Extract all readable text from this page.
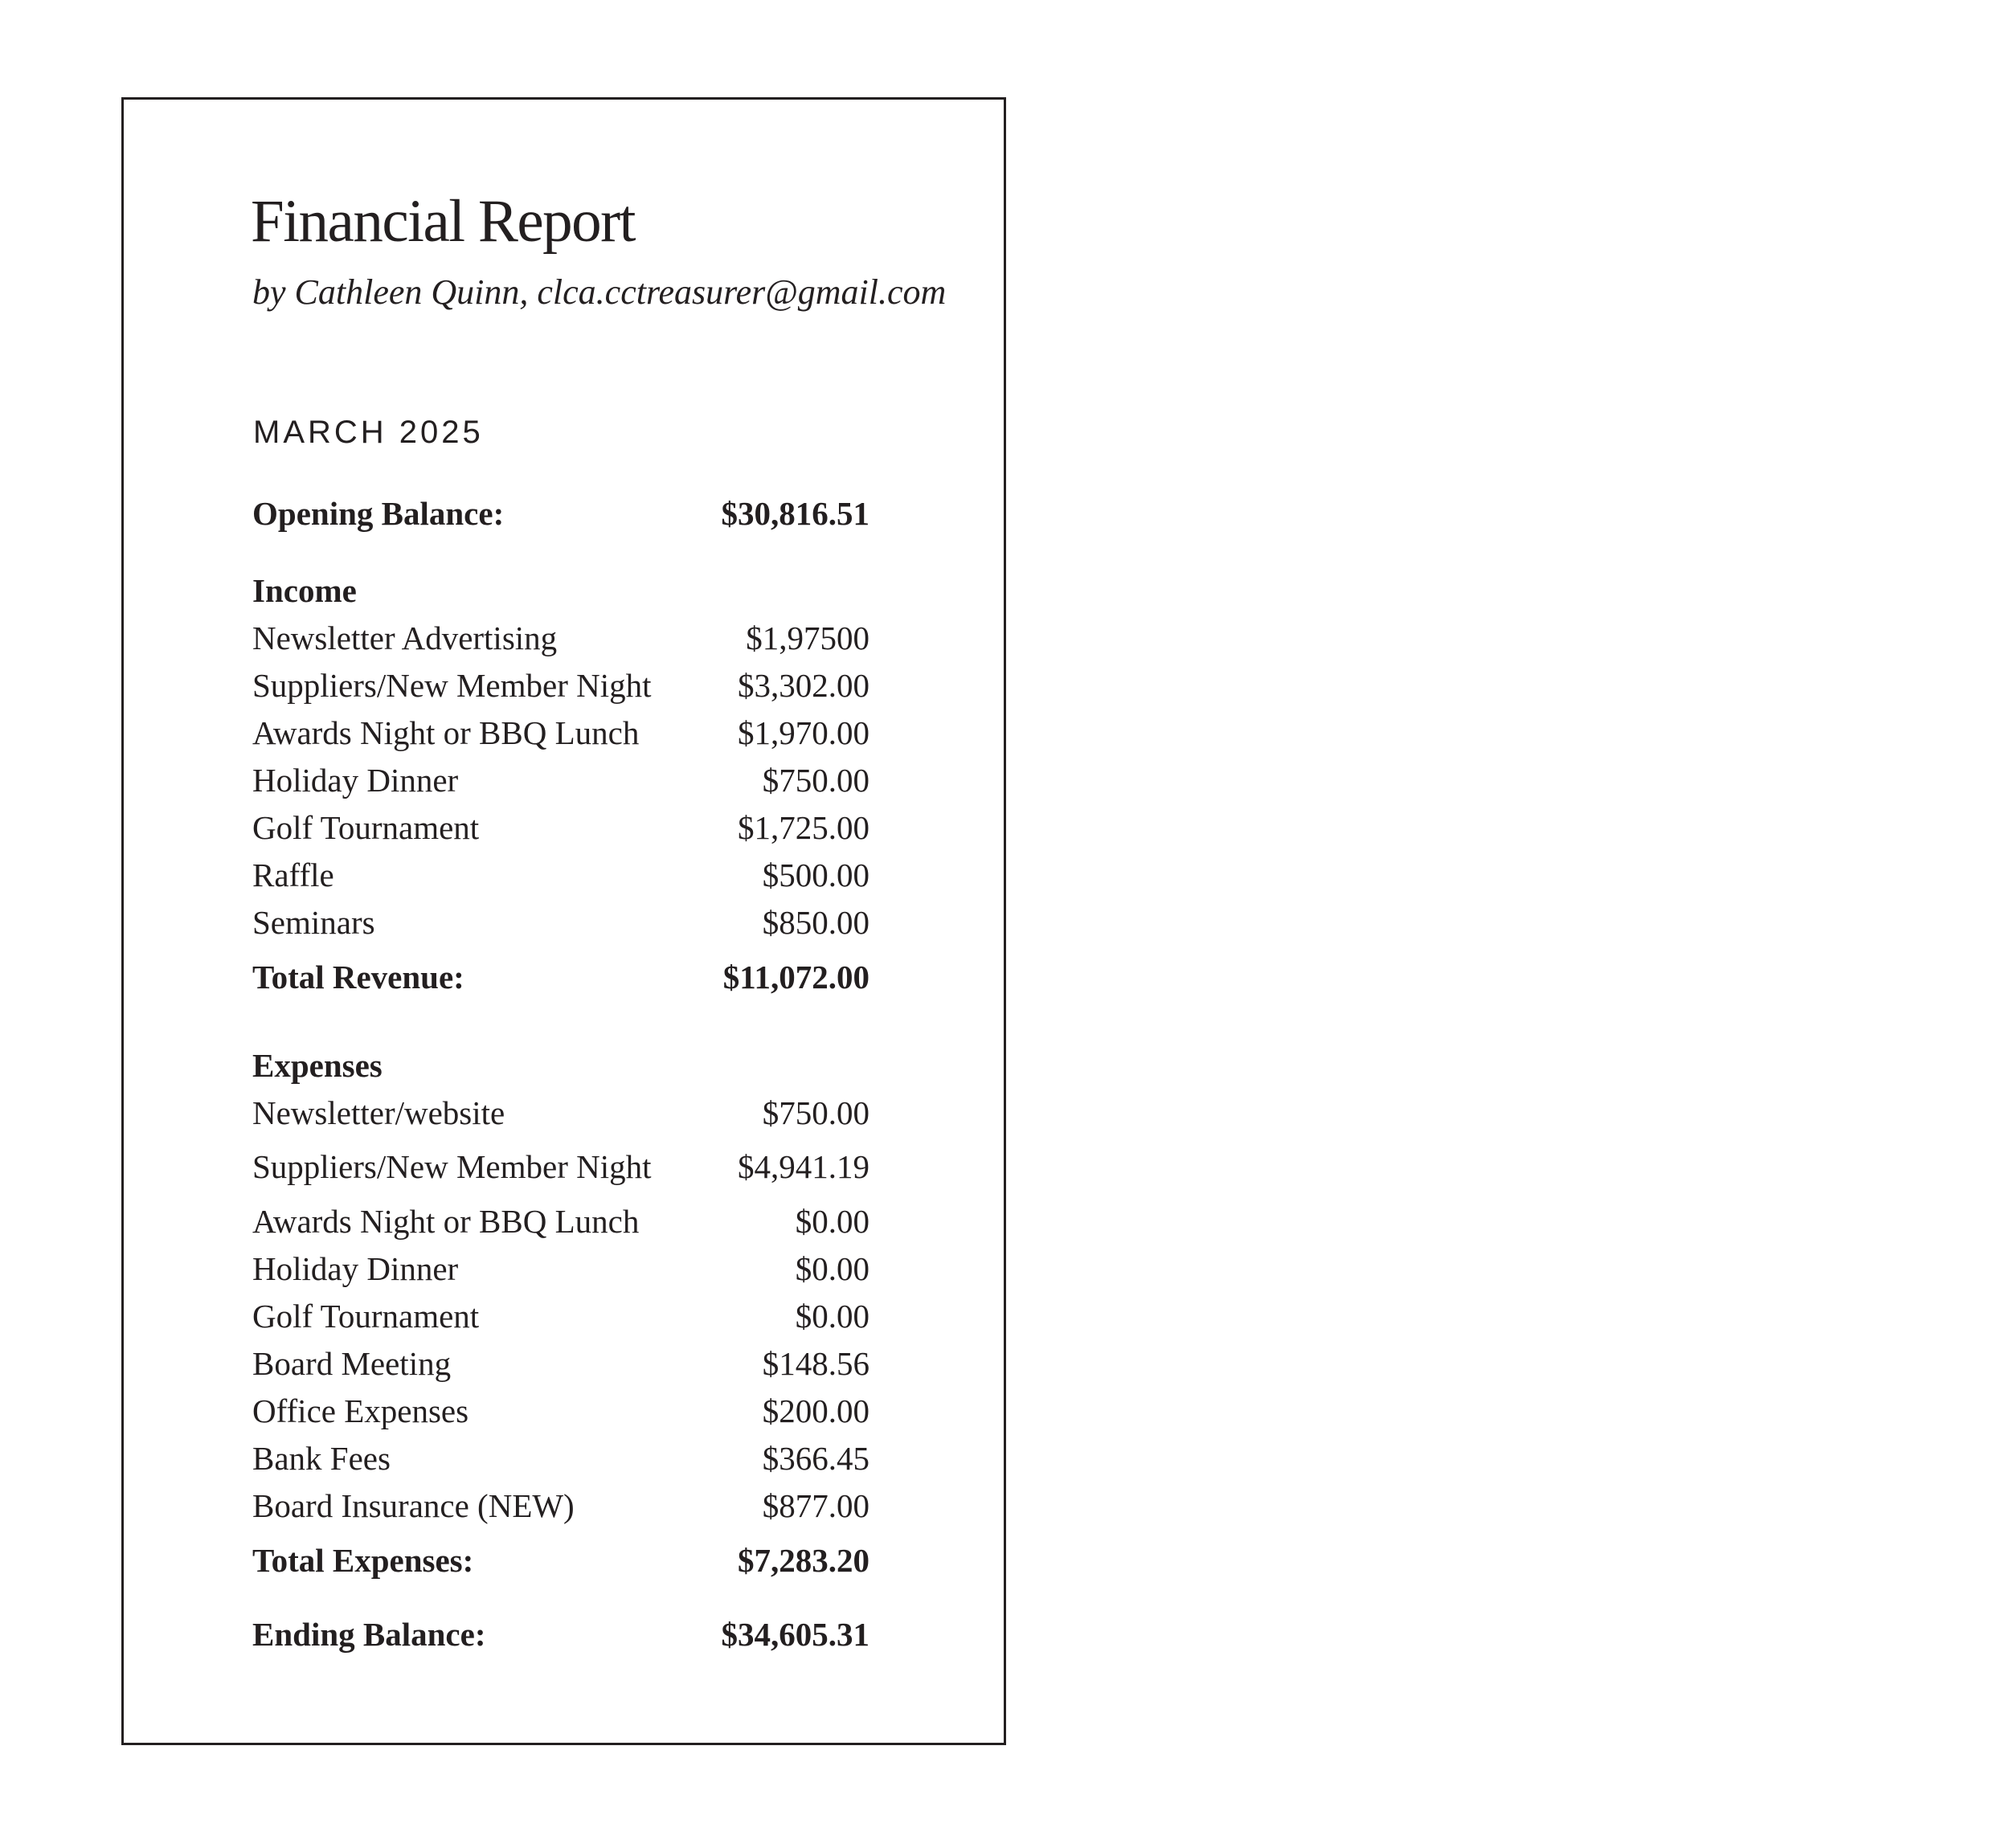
Financial Report
by Cathleen Quinn, clca.cctreasurer@gmail.com
MARCH 2025
Opening Balance:	$30,816.51
Income
Newsletter Advertising	$1,97500
Suppliers/New Member Night	$3,302.00
Awards Night or BBQ Lunch	$1,970.00
Holiday Dinner	$750.00
Golf Tournament	$1,725.00
Raffle	$500.00
Seminars	$850.00
Total Revenue:	$11,072.00
Expenses
Newsletter/website	$750.00
Suppliers/New Member Night	$4,941.19
Awards Night or BBQ Lunch	$0.00
Holiday Dinner	$0.00
Golf Tournament	$0.00
Board Meeting	$148.56
Office Expenses	$200.00
Bank Fees	$366.45
Board Insurance (NEW)	$877.00
Total Expenses:	$7,283.20
Ending Balance:	$34,605.31
